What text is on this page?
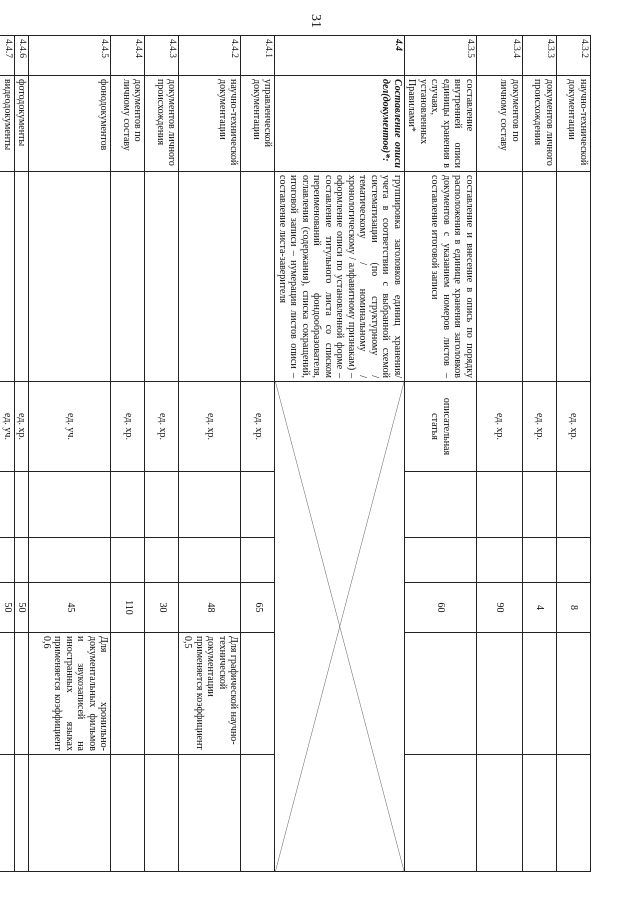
31
4.3.2	научно-технической документации		ед. хр.			8		
4.3.3	документов личного происхождения		ед. хр.			4		
4.3.4	документов по личному составу		ед. хр.			90		
4.3.5	составление внутренней описи единицы хранения в случаях, установленных Правилами*	составление и внесение в опись по порядку расположения в единице хранения заголовков документов с указанием номеров листов – составление итоговой записи	описательная статья			60		
4.4	Составление описи дел(документов)*:	группировка заголовков единиц хранения/учета в соответствии с выбранной схемой систематизации (по структурному / тематическому / номинальному / хронологическому / алфавитному признакам) – оформление описи по установленной форме – составление титульного листа со списком переименований фондообразователя, оглавления (содержания), списка сокращений, итоговой записи – нумерация листов описи – составление листа-заверителя	

4.4.1	управленческой документации		ед. хр.			65		
4.4.2	научно-технической документации		ед. хр.			48	Для графической научно-технической документации применяется коэффициент 0,5	
4.4.3	документов личного происхождения		ед. хр.			30		
4.4.4	документов по личному составу		ед. хр.			110		
4.4.5	фонодокументов		ед. уч.			45	Для хронильно-документальных фильмов и звукозаписей на иностранных языках применяется коэффициент 0,6	
4.4.6	фотодокументы		ед. хр.			50		
4.4.7	видеодокументы		ед. уч.			50		
